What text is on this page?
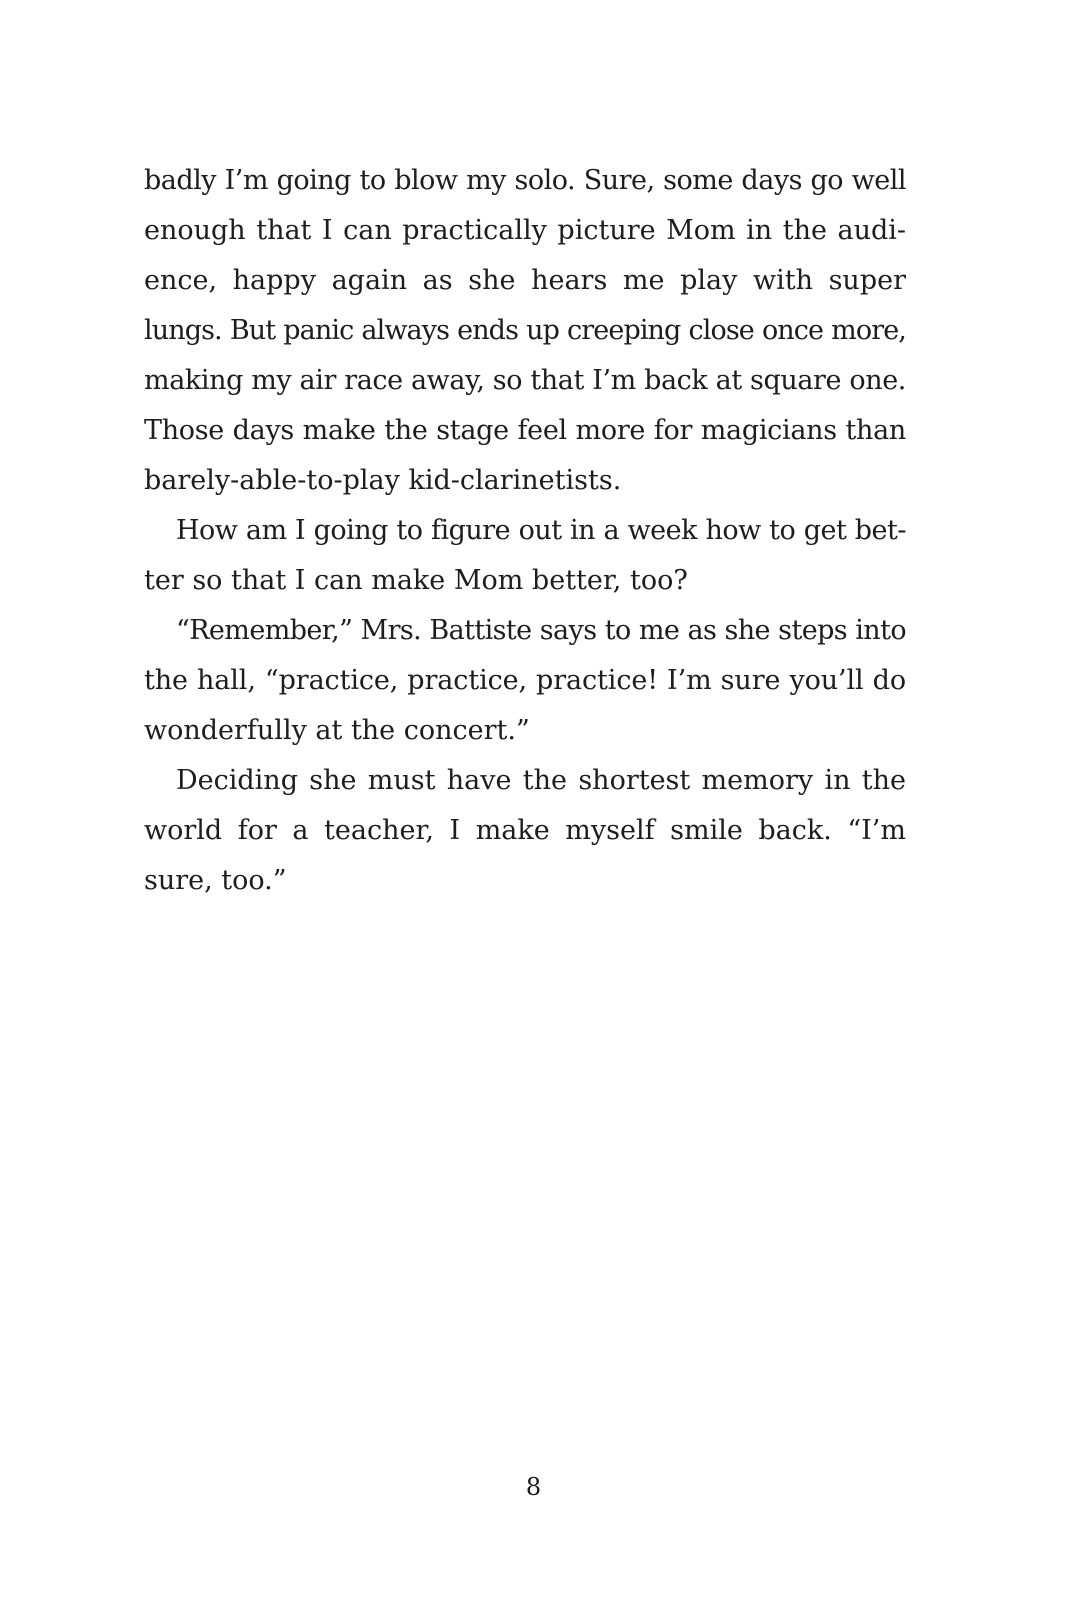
badly I’m going to blow my solo. Sure, some days go well
enough that I can practically picture Mom in the audi-
ence, happy again as she hears me play with super
lungs. But panic always ends up creeping close once more,
making my air race away, so that I’m back at square one.
Those days make the stage feel more for magicians than
barely-able-to-play kid-clarinetists.
How am I going to figure out in a week how to get bet-
ter so that I can make Mom better, too?
“Remember,” Mrs. Battiste says to me as she steps into
the hall, “practice, practice, practice! I’m sure you’ll do
wonderfully at the concert.”
Deciding she must have the shortest memory in the
world for a teacher, I make myself smile back. “I’m
sure, too.”
8
